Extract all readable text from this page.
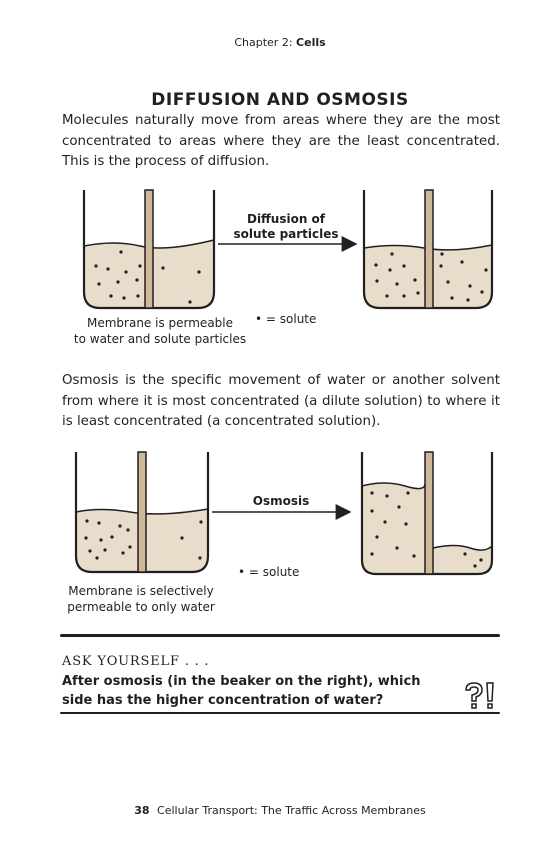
Chapter 2: Cells
DIFFUSION AND OSMOSIS
Molecules naturally move from areas where they are the most concentrated to areas where they are the least concentrated. This is the process of diffusion.
Diffusion of
solute particles
Membrane is permeable
to water and solute particles
• = solute
Osmosis is the specific movement of water or another solvent from where it is most concentrated (a dilute solution) to where it is least concentrated (a concentrated solution).
Osmosis
Membrane is selectively
permeable to only water
• = solute
ASK YOURSELF . . .
After osmosis (in the beaker on the right), which side has the higher concentration of water?
38 Cellular Transport: The Traffic Across Membranes
